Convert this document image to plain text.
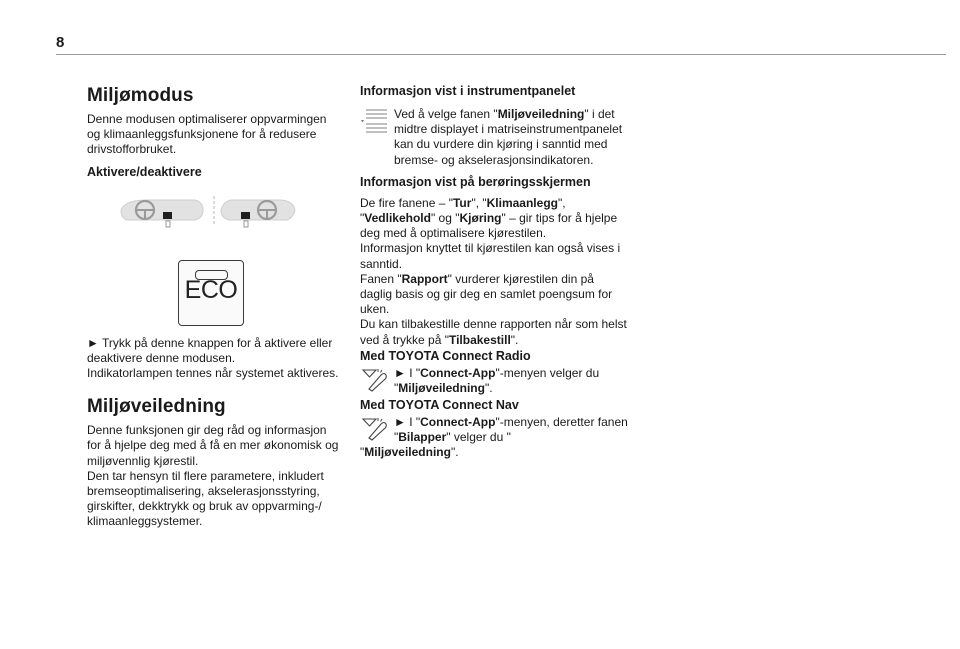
8
Miljømodus

Denne modusen optimaliserer oppvarmingen og klimaanleggsfunksjonene for å redusere drivstofforbruket.

Aktivere/deaktivere
ECO

► Trykk på denne knappen for å aktivere eller deaktivere denne modusen.

Indikatorlampen tennes når systemet aktiveres.

Miljøveiledning

Denne funksjonen gir deg råd og informasjon for å hjelpe deg med å få en mer økonomisk og miljøvennlig kjørestil.

Den tar hensyn til flere parametere, inkludert bremseoptimalisering, akselerasjonsstyring, girskifter, dekktrykk og bruk av oppvarming-/ klimaanleggsystemer.

Informasjon vist i instrumentpanelet
Ved å velge fanen "Miljøveiledning" i det midtre displayet i matriseinstrumentpanelet kan du vurdere din kjøring i sanntid med bremse- og akselerasjonsindikatoren.
Informasjon vist på berøringsskjermen

De fire fanene – "Tur", "Klimaanlegg", "Vedlikehold" og "Kjøring" – gir tips for å hjelpe deg med å optimalisere kjørestilen.

Informasjon knyttet til kjørestilen kan også vises i sanntid.

Fanen "Rapport" vurderer kjørestilen din på daglig basis og gir deg en samlet poengsum for uken.

Du kan tilbakestille denne rapporten når som helst ved å trykke på "Tilbakestill".

Med TOYOTA Connect Radio
► I "Connect-App"-menyen velger du "Miljøveiledning".
Med TOYOTA Connect Nav
► I "Connect-App"-menyen, deretter fanen "Bilapper" velger du "

"Miljøveiledning".
